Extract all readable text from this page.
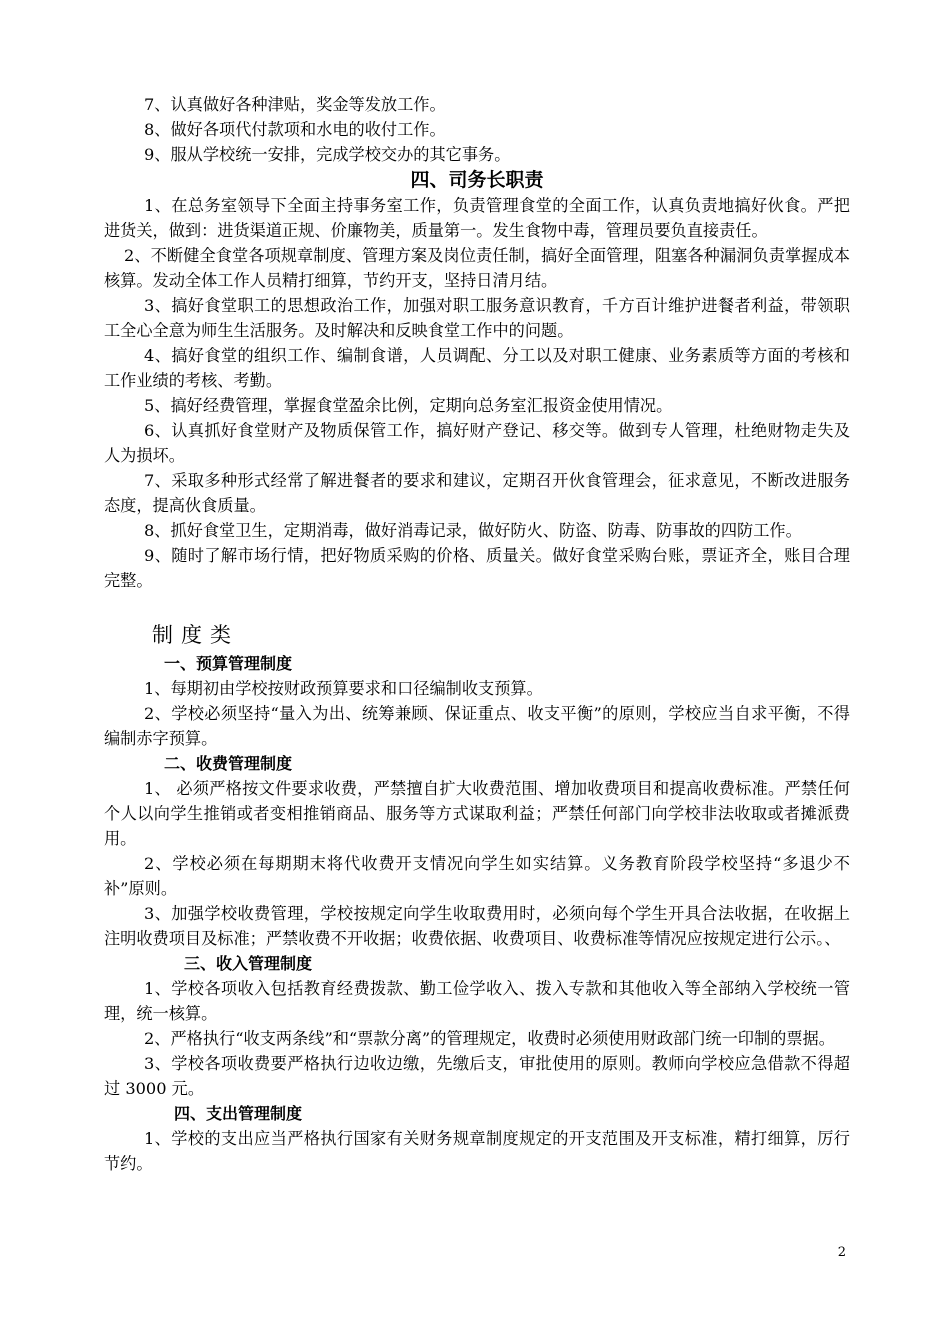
7、认真做好各种津贴，奖金等发放工作。

8、做好各项代付款项和水电的收付工作。

9、服从学校统一安排，完成学校交办的其它事务。

四、司务长职责

1、在总务室领导下全面主持事务室工作，负责管理食堂的全面工作，认真负责地搞好伙食。严把进货关，做到：进货渠道正规、价廉物美，质量第一。发生食物中毒，管理员要负直接责任。

2、不断健全食堂各项规章制度、管理方案及岗位责任制，搞好全面管理，阻塞各种漏洞负责掌握成本核算。发动全体工作人员精打细算，节约开支，坚持日清月结。

3、搞好食堂职工的思想政治工作，加强对职工服务意识教育，千方百计维护进餐者利益，带领职工全心全意为师生生活服务。及时解决和反映食堂工作中的问题。

4、搞好食堂的组织工作、编制食谱，人员调配、分工以及对职工健康、业务素质等方面的考核和工作业绩的考核、考勤。

5、搞好经费管理，掌握食堂盈余比例，定期向总务室汇报资金使用情况。

6、认真抓好食堂财产及物质保管工作，搞好财产登记、移交等。做到专人管理，杜绝财物走失及人为损坏。

7、采取多种形式经常了解进餐者的要求和建议，定期召开伙食管理会，征求意见，不断改进服务态度，提高伙食质量。

8、抓好食堂卫生，定期消毒，做好消毒记录，做好防火、防盗、防毒、防事故的四防工作。

9、随时了解市场行情，把好物质采购的价格、质量关。做好食堂采购台账，票证齐全，账目合理完整。

制度类

一、预算管理制度

1、每期初由学校按财政预算要求和口径编制收支预算。

2、学校必须坚持“量入为出、统筹兼顾、保证重点、收支平衡”的原则，学校应当自求平衡，不得编制赤字预算。

二、收费管理制度

1、 必须严格按文件要求收费，严禁擅自扩大收费范围、增加收费项目和提高收费标准。严禁任何个人以向学生推销或者变相推销商品、服务等方式谋取利益；严禁任何部门向学校非法收取或者摊派费用。

2、学校必须在每期期末将代收费开支情况向学生如实结算。义务教育阶段学校坚持“多退少不补”原则。

3、加强学校收费管理，学校按规定向学生收取费用时，必须向每个学生开具合法收据，在收据上注明收费项目及标准；严禁收费不开收据；收费依据、收费项目、收费标准等情况应按规定进行公示。、

三、收入管理制度

1、学校各项收入包括教育经费拨款、勤工俭学收入、拨入专款和其他收入等全部纳入学校统一管理，统一核算。

2、严格执行“收支两条线”和“票款分离”的管理规定，收费时必须使用财政部门统一印制的票据。

3、学校各项收费要严格执行边收边缴，先缴后支，审批使用的原则。教师向学校应急借款不得超过 3000 元。

四、支出管理制度

1、学校的支出应当严格执行国家有关财务规章制度规定的开支范围及开支标准，精打细算，厉行节约。

2
